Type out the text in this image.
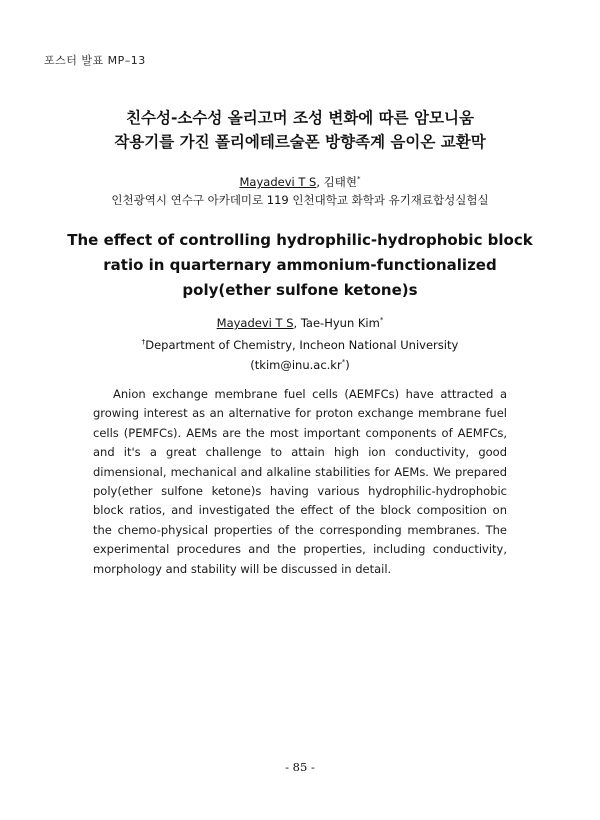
포스터 발표 MP–13
친수성-소수성 올리고머 조성 변화에 따른 암모니움
작용기를 가진 폴리에테르술폰 방향족계 음이온 교환막
Mayadevi T S, 김태현*
인천광역시 연수구 아카데미로 119 인천대학교 화학과 유기재료합성실험실
The effect of controlling hydrophilic-hydrophobic block
ratio in quarternary ammonium-functionalized
poly(ether sulfone ketone)s
Mayadevi T S, Tae-Hyun Kim*
†Department of Chemistry, Incheon National University
(tkim@inu.ac.kr*)
Anion exchange membrane fuel cells (AEMFCs) have attracted a growing interest as an alternative for proton exchange membrane fuel cells (PEMFCs). AEMs are the most important components of AEMFCs, and it's a great challenge to attain high ion conductivity, good dimensional, mechanical and alkaline stabilities for AEMs. We prepared poly(ether sulfone ketone)s having various hydrophilic-hydrophobic block ratios, and investigated the effect of the block composition on the chemo-physical properties of the corresponding membranes. The experimental procedures and the properties, including conductivity, morphology and stability will be discussed in detail.
- 85 -
